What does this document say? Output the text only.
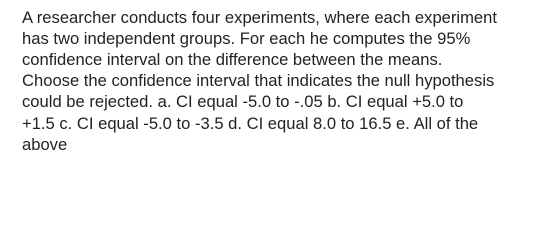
A researcher conducts four experiments, where each experiment

has two independent groups. For each he computes the 95%

confidence interval on the difference between the means.

Choose the confidence interval that indicates the null hypothesis

could be rejected. a. CI equal -5.0 to -.05 b. CI equal +5.0 to

+1.5 c. CI equal -5.0 to -3.5 d. CI equal 8.0 to 16.5 e. All of the

above
